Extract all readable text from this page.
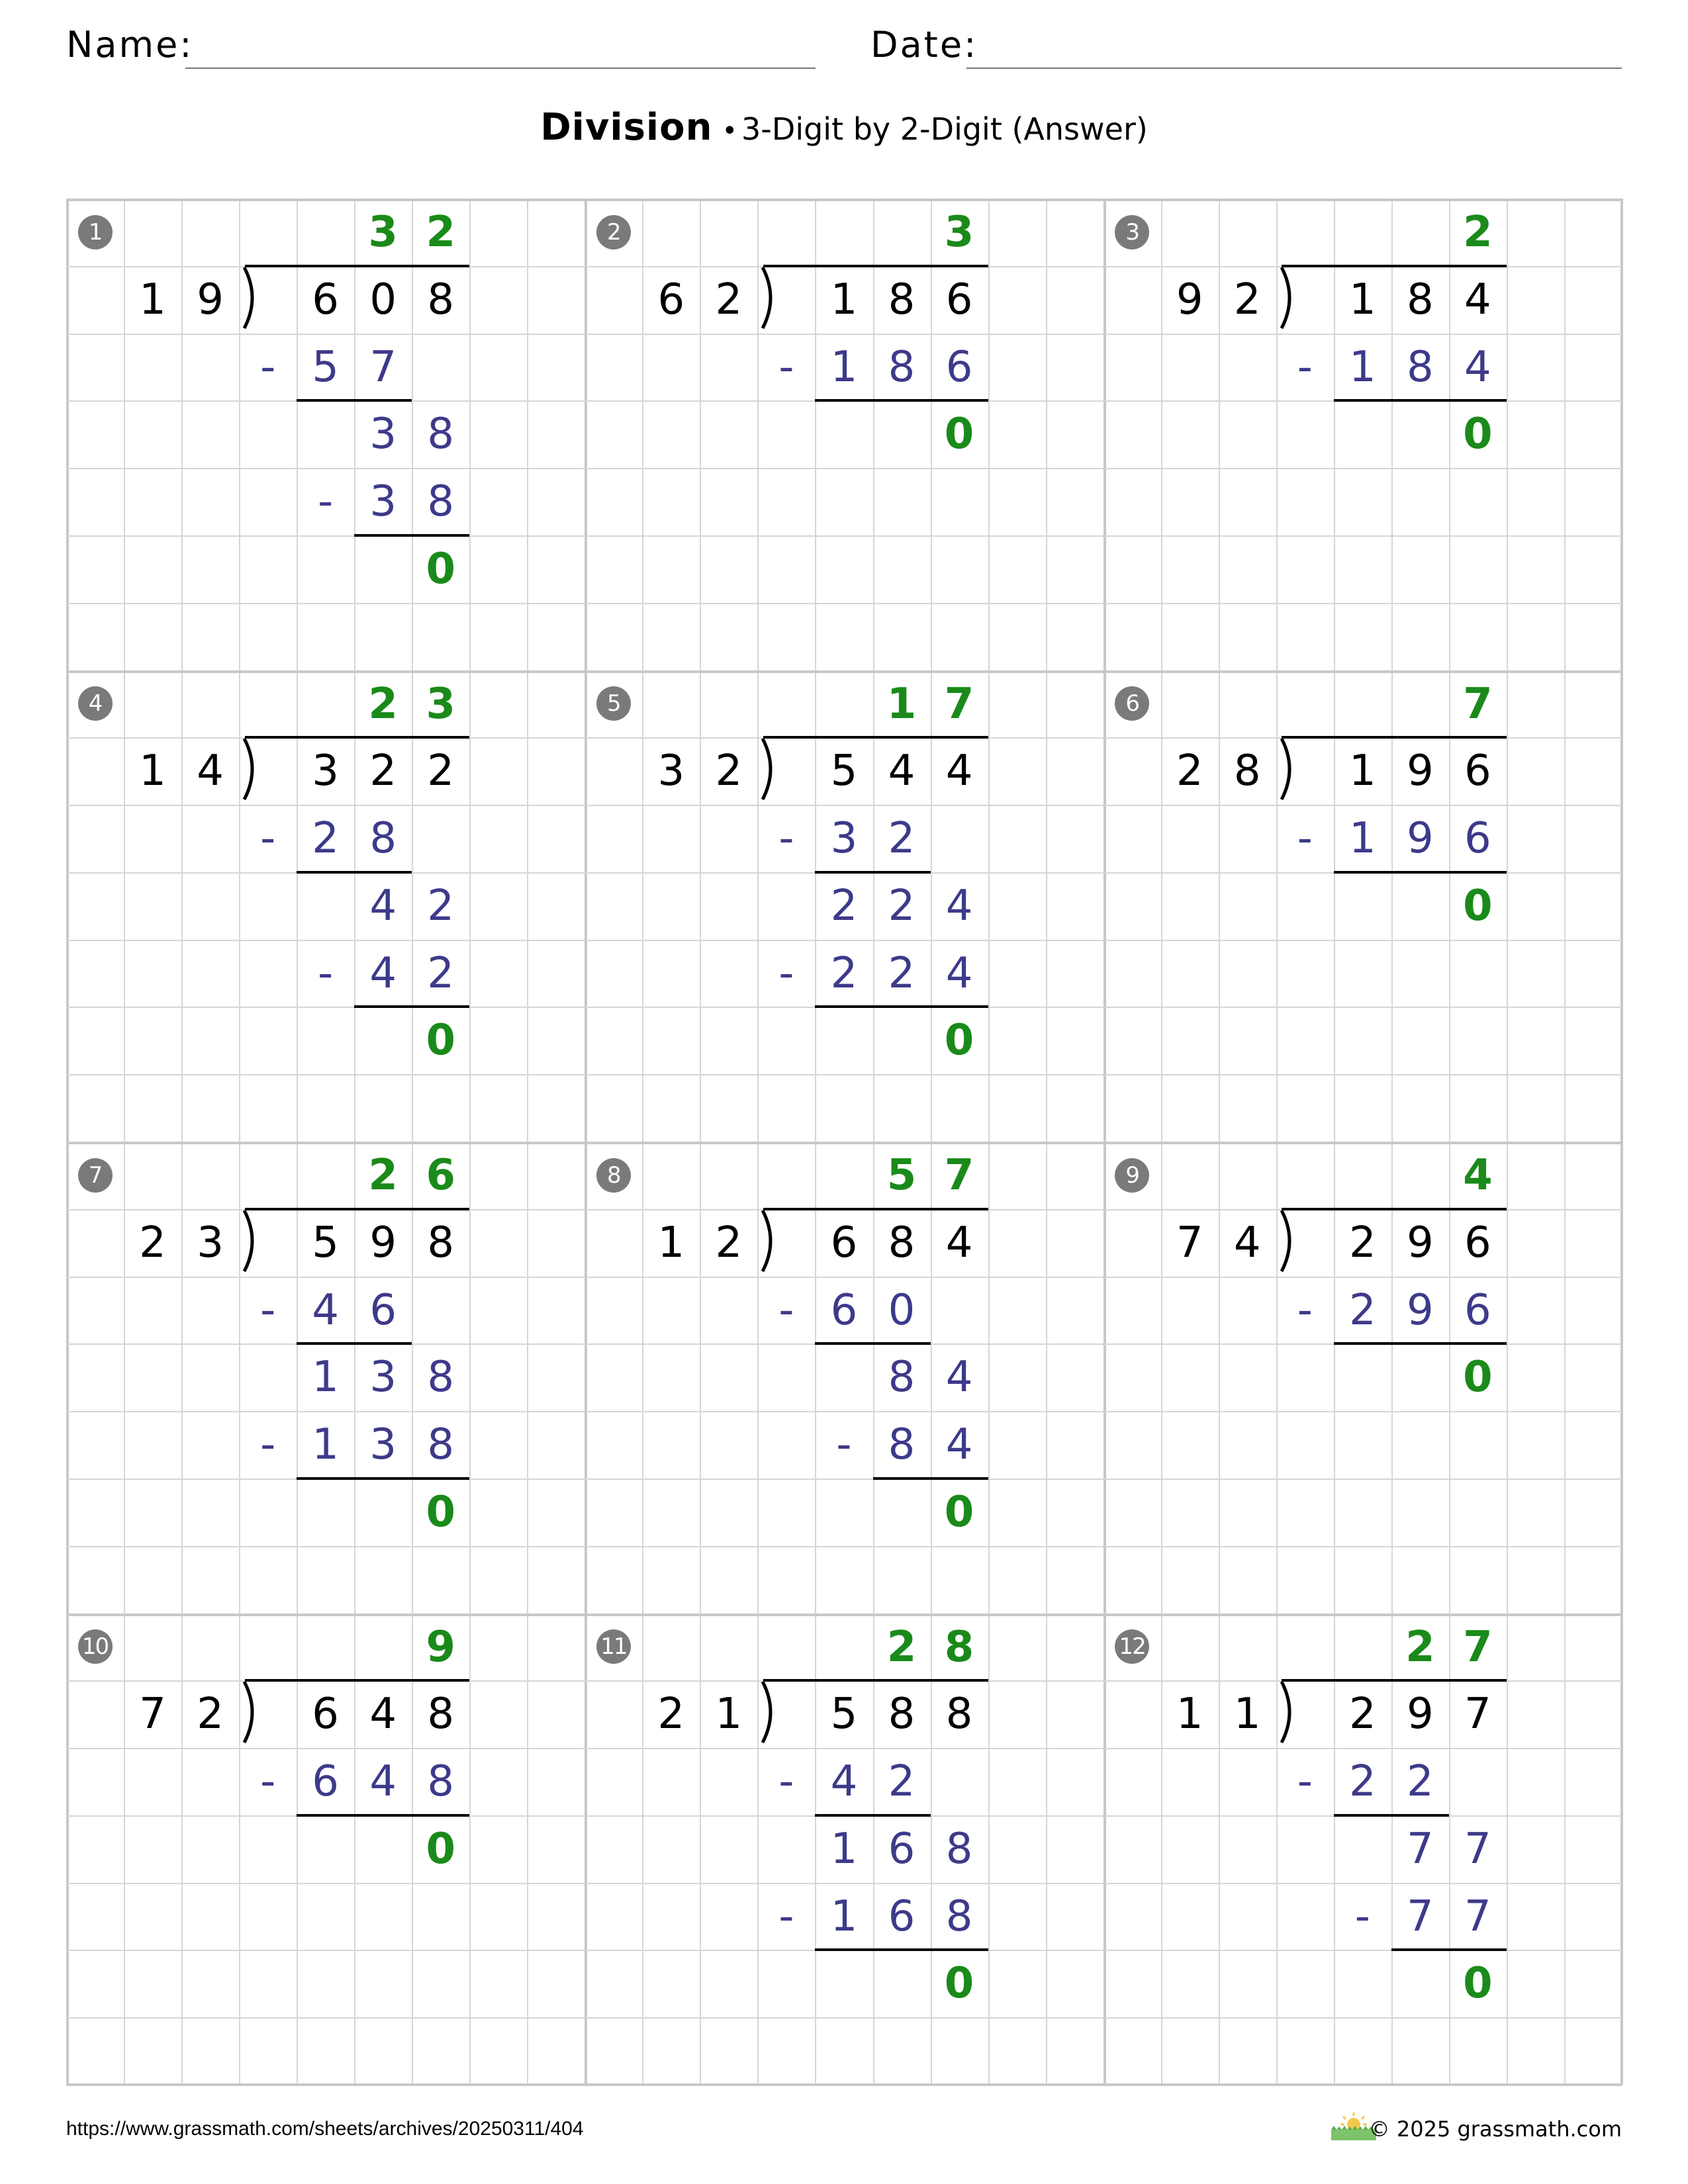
Name:	Date:
Division • 3-Digit by 2-Digit (Answer)
1	3 2
1 9	6 0 8
- 5 7
3 8
- 3 8
0
2	3
6 2	1 8 6
- 1 8 6
0
3	2
9 2	1 8 4
- 1 8 4
0
4	2 3
1 4	3 2 2
- 2 8
4 2
- 4 2
0
5	1 7
3 2	5 4 4
- 3 2
2 2 4
- 2 2 4
0
6	7
2 8	1 9 6
- 1 9 6
0
7	2 6
2 3	5 9 8
- 4 6
1 3 8
- 1 3 8
0
8	5 7
1 2	6 8 4
- 6 0
8 4
- 8 4
0
9	4
7 4	2 9 6
- 2 9 6
0
10	9
7 2	6 4 8
- 6 4 8
0
11	2 8
2 1	5 8 8
- 4 2
1 6 8
- 1 6 8
0
12	2 7
1 1	2 9 7
- 2 2
7 7
- 7 7
0
https://www.grassmath.com/sheets/archives/20250311/404	© 2025 grassmath.com
